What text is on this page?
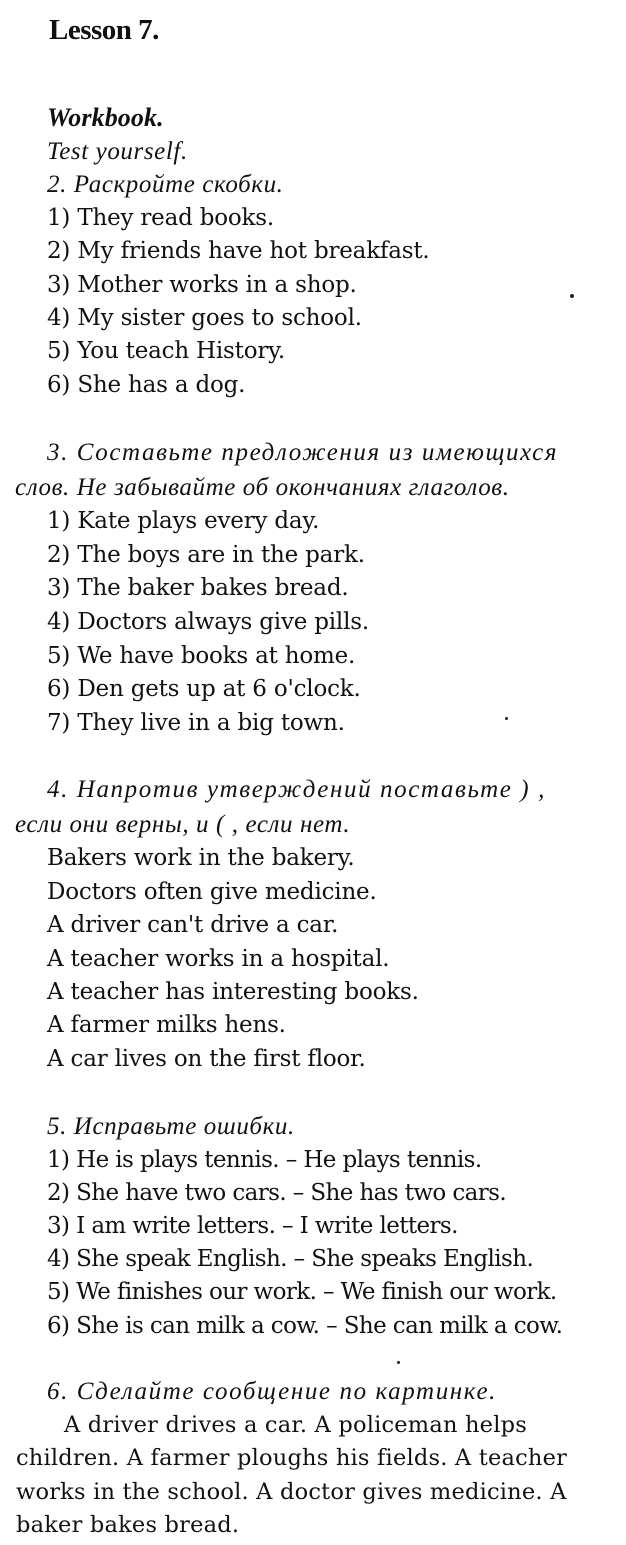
Lesson 7.
Workbook.
Test yourself.
2. Раскройте скобки.
1) They read books.
2) My friends have hot breakfast.
3) Mother works in a shop.
4) My sister goes to school.
5) You teach History.
6) She has a dog.
3. Составьте предложения из имеющихся
слов. Не забывайте об окончаниях глаголов.
1) Kate plays every day.
2) The boys are in the park.
3) The baker bakes bread.
4) Doctors always give pills.
5) We have books at home.
6) Den gets up at 6 o'clock.
7) They live in a big town.
4. Напротив утверждений поставьте ) ,
если они верны, и ( , если нет.
Bakers work in the bakery.
Doctors often give medicine.
A driver can't drive a car.
A teacher works in a hospital.
A teacher has interesting books.
A farmer milks hens.
A car lives on the first floor.
5. Исправьте ошибки.
1) He is plays tennis. – He plays tennis.
2) She have two cars. – She has two cars.
3) I am write letters. – I write letters.
4) She speak English. – She speaks English.
5) We finishes our work. – We finish our work.
6) She is can milk a cow. – She can milk a cow.
6. Сделайте сообщение по картинке.
A driver drives a car. A policeman helps
children. A farmer ploughs his fields. A teacher
works in the school. A doctor gives medicine. A
baker bakes bread.
